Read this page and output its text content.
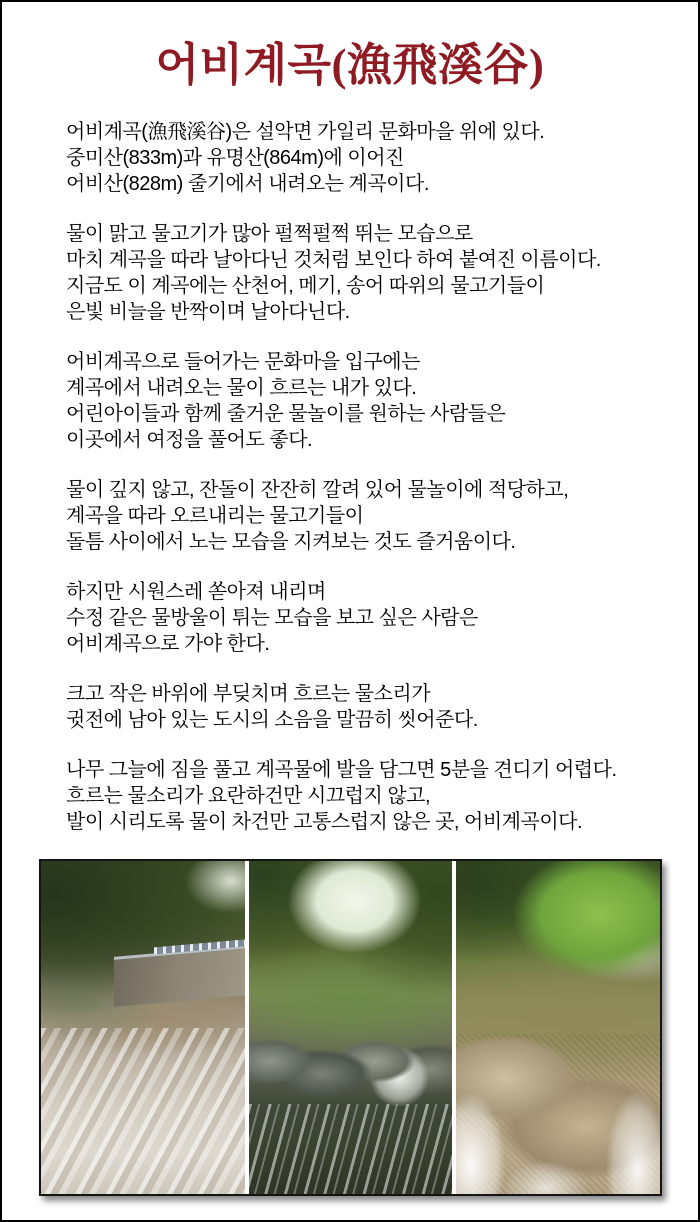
어비계곡(漁飛溪谷)
어비계곡(漁飛溪谷)은 설악면 가일리 문화마을 위에 있다.
중미산(833m)과 유명산(864m)에 이어진
어비산(828m) 줄기에서 내려오는 계곡이다.
물이 맑고 물고기가 많아 펄쩍펄쩍 뛰는 모습으로
마치 계곡을 따라 날아다닌 것처럼 보인다 하여 붙여진 이름이다.
지금도 이 계곡에는 산천어, 메기, 송어 따위의 물고기들이
은빛 비늘을 반짝이며 날아다닌다.
어비계곡으로 들어가는 문화마을 입구에는
계곡에서 내려오는 물이 흐르는 내가 있다.
어린아이들과 함께 줄거운 물놀이를 원하는 사람들은
이곳에서 여정을 풀어도 좋다.
물이 깊지 않고, 잔돌이 잔잔히 깔려 있어 물놀이에 적당하고,
계곡을 따라 오르내리는 물고기들이
돌틈 사이에서 노는 모습을 지켜보는 것도 즐거움이다.
하지만 시원스레 쏟아져 내리며
수정 같은 물방울이 튀는 모습을 보고 싶은 사람은
어비계곡으로 가야 한다.
크고 작은 바위에 부딪치며 흐르는 물소리가
귓전에 남아 있는 도시의 소음을 말끔히 씻어준다.
나무 그늘에 짐을 풀고 계곡물에 발을 담그면 5분을 견디기 어렵다.
흐르는 물소리가 요란하건만 시끄럽지 않고,
발이 시리도록 물이 차건만 고통스럽지 않은 곳, 어비계곡이다.
